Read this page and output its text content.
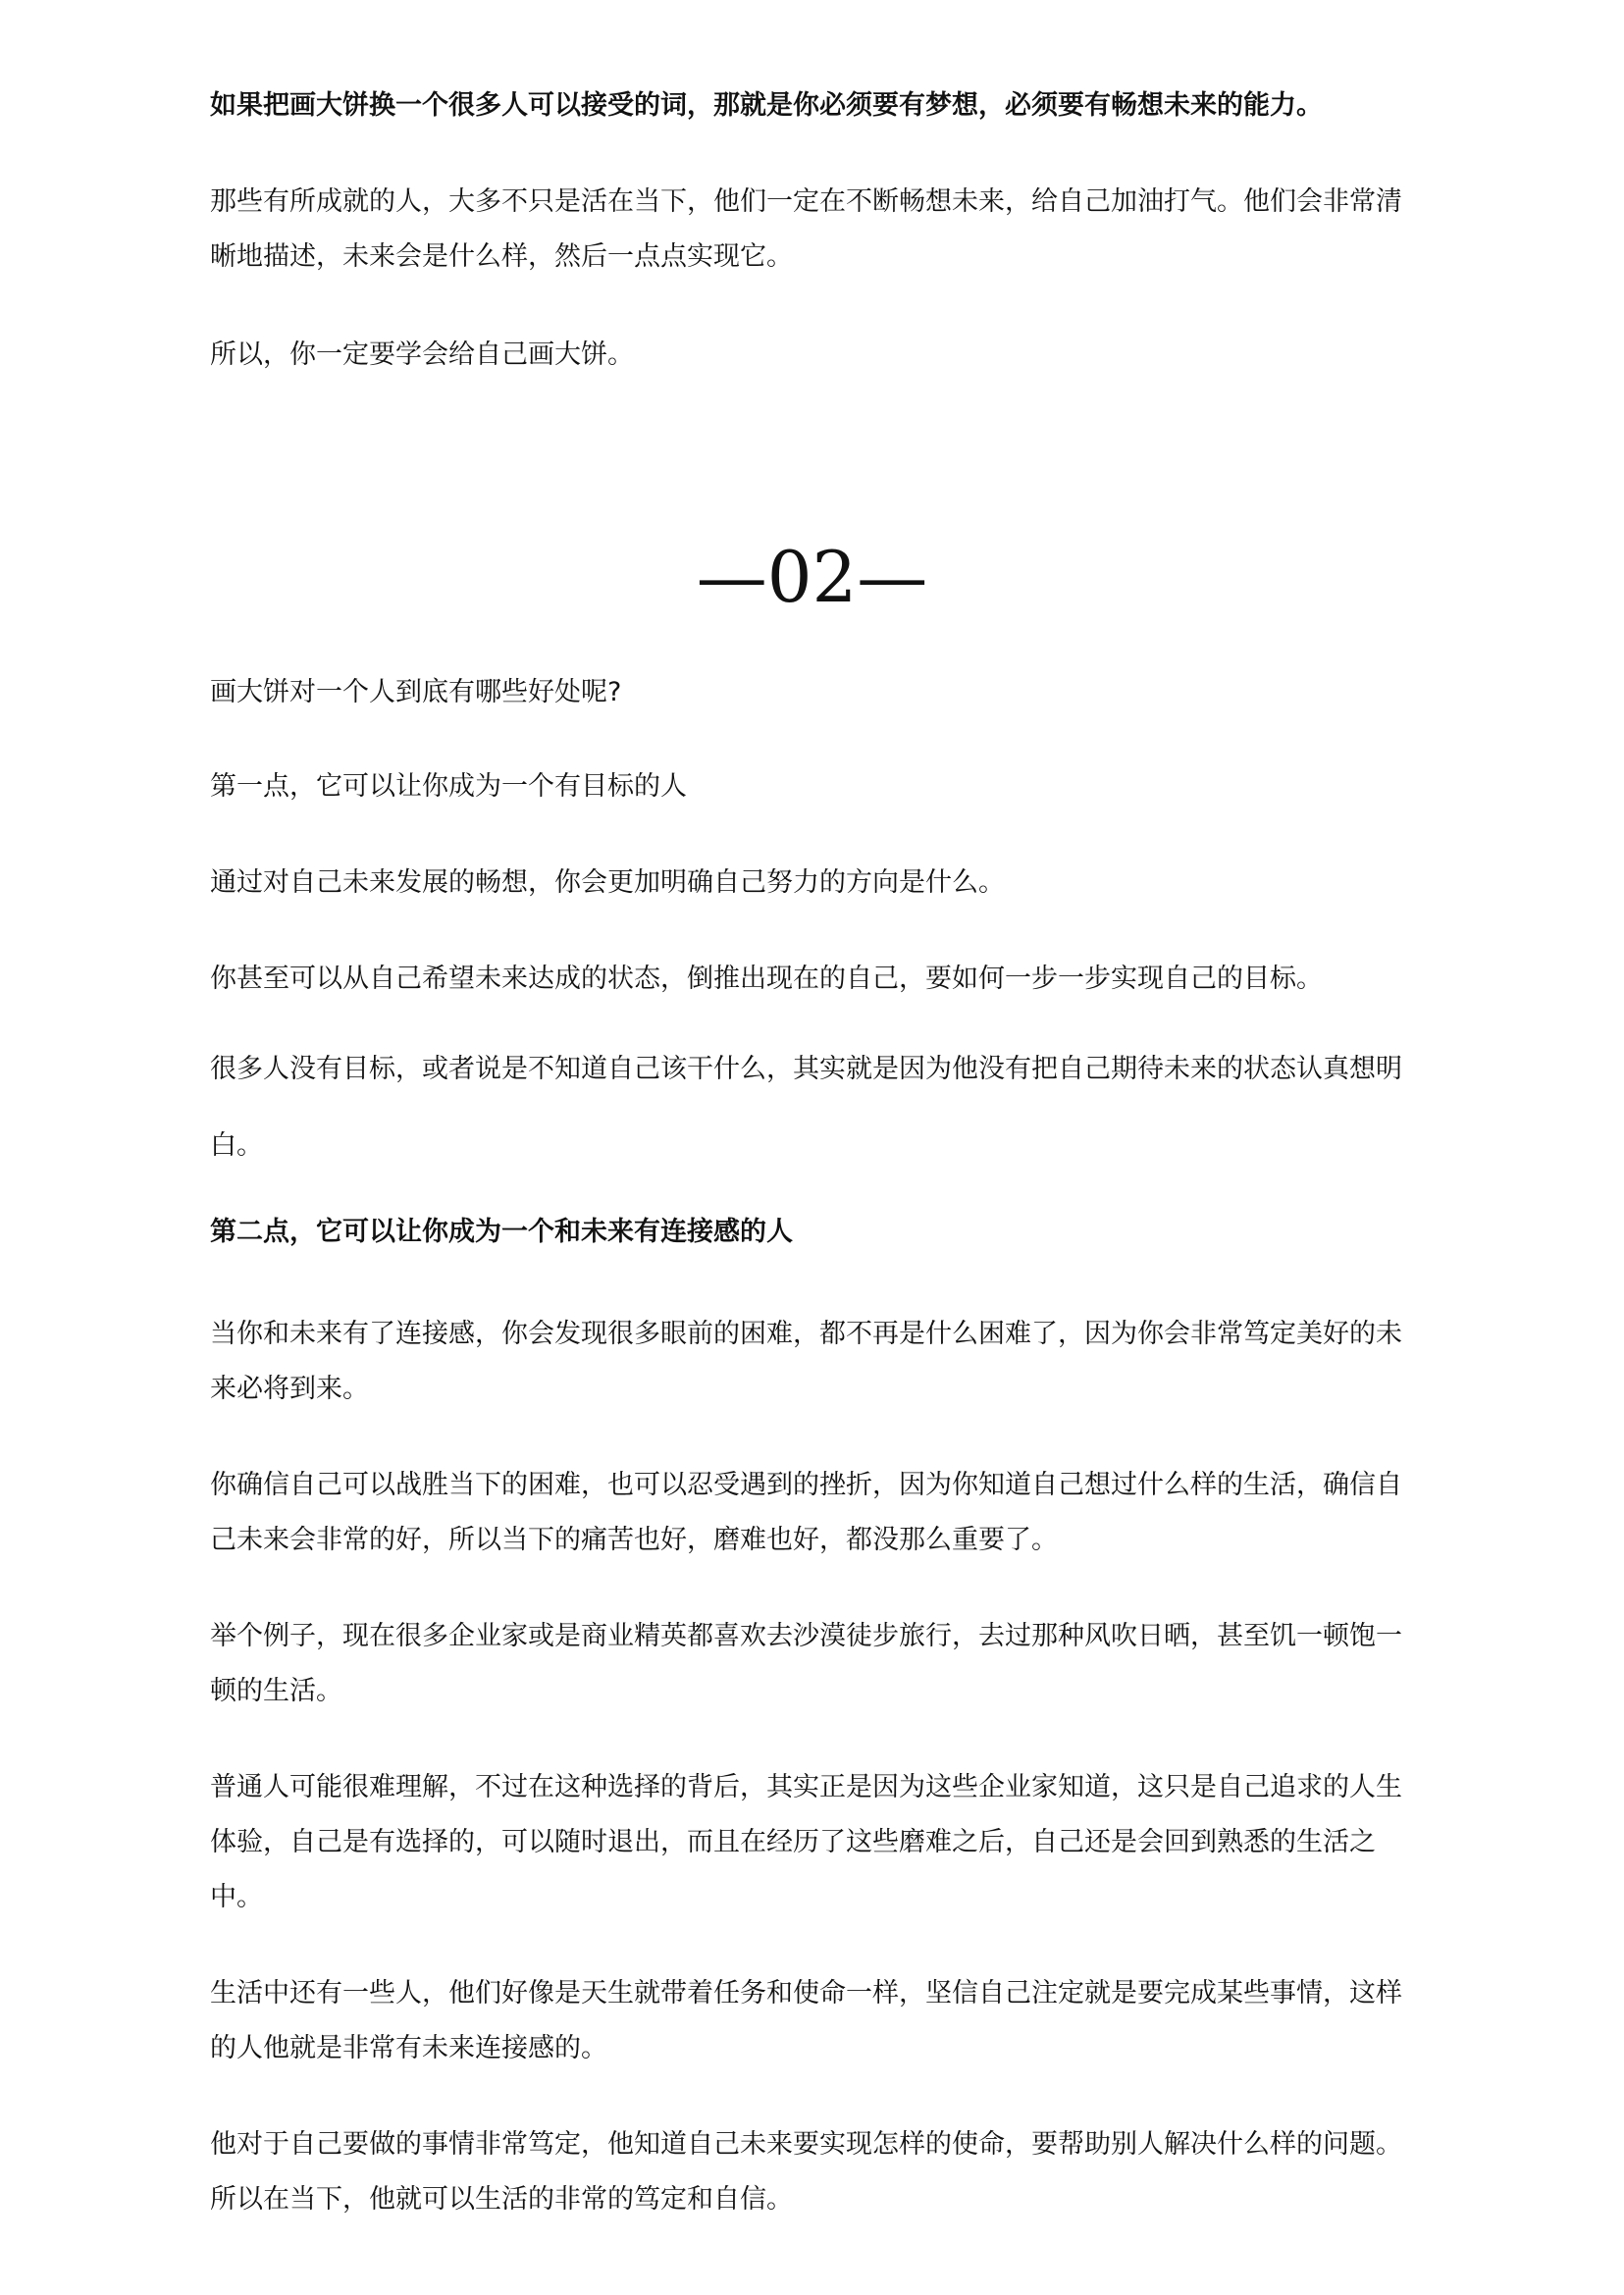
如果把画大饼换一个很多人可以接受的词，那就是你必须要有梦想，必须要有畅想未来的能力。

那些有所成就的人，大多不只是活在当下，他们一定在不断畅想未来，给自己加油打气。他们会非常清晰地描述，未来会是什么样，然后一点点实现它。

所以，你一定要学会给自己画大饼。

—02—

画大饼对一个人到底有哪些好处呢?

第一点，它可以让你成为一个有目标的人

通过对自己未来发展的畅想，你会更加明确自己努力的方向是什么。

你甚至可以从自己希望未来达成的状态，倒推出现在的自己，要如何一步一步实现自己的目标。

很多人没有目标，或者说是不知道自己该干什么，其实就是因为他没有把自己期待未来的状态认真想明白。

第二点，它可以让你成为一个和未来有连接感的人

当你和未来有了连接感，你会发现很多眼前的困难，都不再是什么困难了，因为你会非常笃定美好的未来必将到来。

你确信自己可以战胜当下的困难，也可以忍受遇到的挫折，因为你知道自己想过什么样的生活，确信自己未来会非常的好，所以当下的痛苦也好，磨难也好，都没那么重要了。

举个例子，现在很多企业家或是商业精英都喜欢去沙漠徒步旅行，去过那种风吹日晒，甚至饥一顿饱一顿的生活。

普通人可能很难理解，不过在这种选择的背后，其实正是因为这些企业家知道，这只是自己追求的人生体验，自己是有选择的，可以随时退出，而且在经历了这些磨难之后，自己还是会回到熟悉的生活之中。

生活中还有一些人，他们好像是天生就带着任务和使命一样，坚信自己注定就是要完成某些事情，这样的人他就是非常有未来连接感的。

他对于自己要做的事情非常笃定，他知道自己未来要实现怎样的使命，要帮助别人解决什么样的问题。所以在当下，他就可以生活的非常的笃定和自信。
